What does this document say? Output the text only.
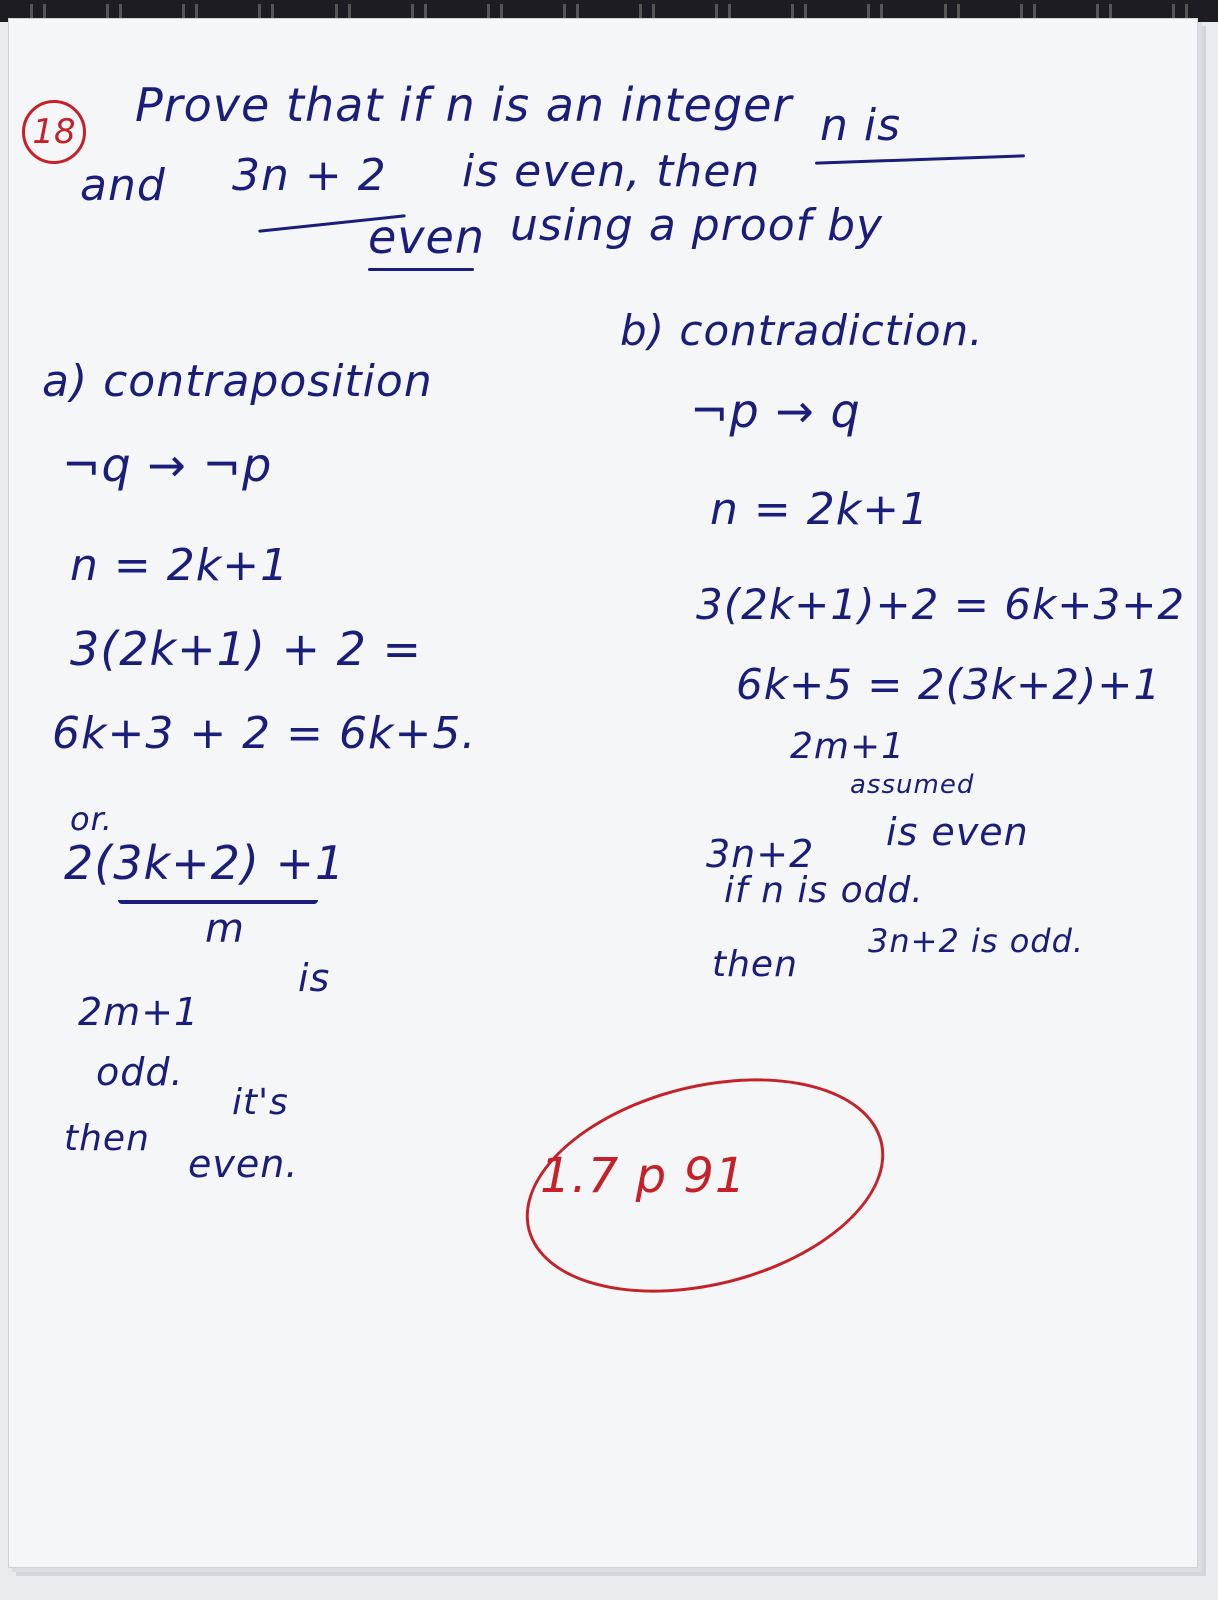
18 Prove that if n is an integer
and 3n + 2 is even, then
n is
even using a proof by
a) contraposition
¬q → ¬p
n = 2k+1
3(2k+1) + 2 =
6k+3 + 2 = 6k+5.
or.
2(3k+2) +1
m
2m+1
is
odd.
then
it's
even.
b) contradiction.
¬p → q
n = 2k+1
3(2k+1)+2 = 6k+3+2
6k+5 = 2(3k+2)+1
2m+1
assumed
3n+2 is even
if n is odd.
then
3n+2 is odd.
1.7 p 91
